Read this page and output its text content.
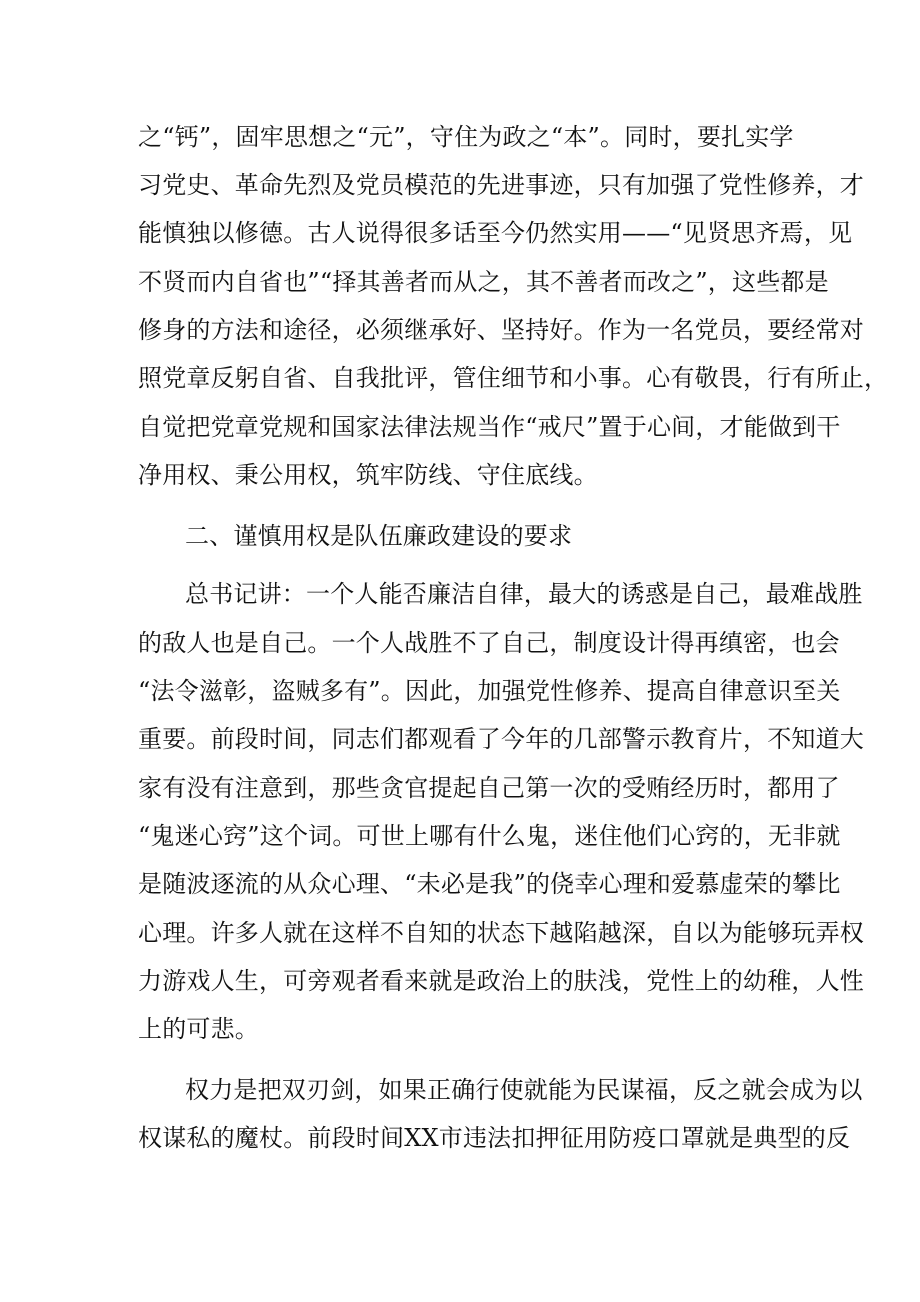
之“钙”，固牢思想之“元”，守住为政之“本”。同时，要扎实学
习党史、革命先烈及党员模范的先进事迹，只有加强了党性修养，才
能慎独以修德。古人说得很多话至今仍然实用——“见贤思齐焉，见
不贤而内自省也”“择其善者而从之，其不善者而改之”，这些都是
修身的方法和途径，必须继承好、坚持好。作为一名党员，要经常对
照党章反躬自省、自我批评，管住细节和小事。心有敬畏，行有所止，
自觉把党章党规和国家法律法规当作“戒尺”置于心间，才能做到干
净用权、秉公用权，筑牢防线、守住底线。
二、谨慎用权是队伍廉政建设的要求
总书记讲：一个人能否廉洁自律，最大的诱惑是自己，最难战胜
的敌人也是自己。一个人战胜不了自己，制度设计得再缜密，也会
“法令滋彰，盗贼多有”。因此，加强党性修养、提高自律意识至关
重要。前段时间，同志们都观看了今年的几部警示教育片，不知道大
家有没有注意到，那些贪官提起自己第一次的受贿经历时，都用了
“鬼迷心窍”这个词。可世上哪有什么鬼，迷住他们心窍的，无非就
是随波逐流的从众心理、“未必是我”的侥幸心理和爱慕虚荣的攀比
心理。许多人就在这样不自知的状态下越陷越深，自以为能够玩弄权
力游戏人生，可旁观者看来就是政治上的肤浅，党性上的幼稚，人性
上的可悲。
权力是把双刃剑，如果正确行使就能为民谋福，反之就会成为以
权谋私的魔杖。前段时间XX市违法扣押征用防疫口罩就是典型的反
